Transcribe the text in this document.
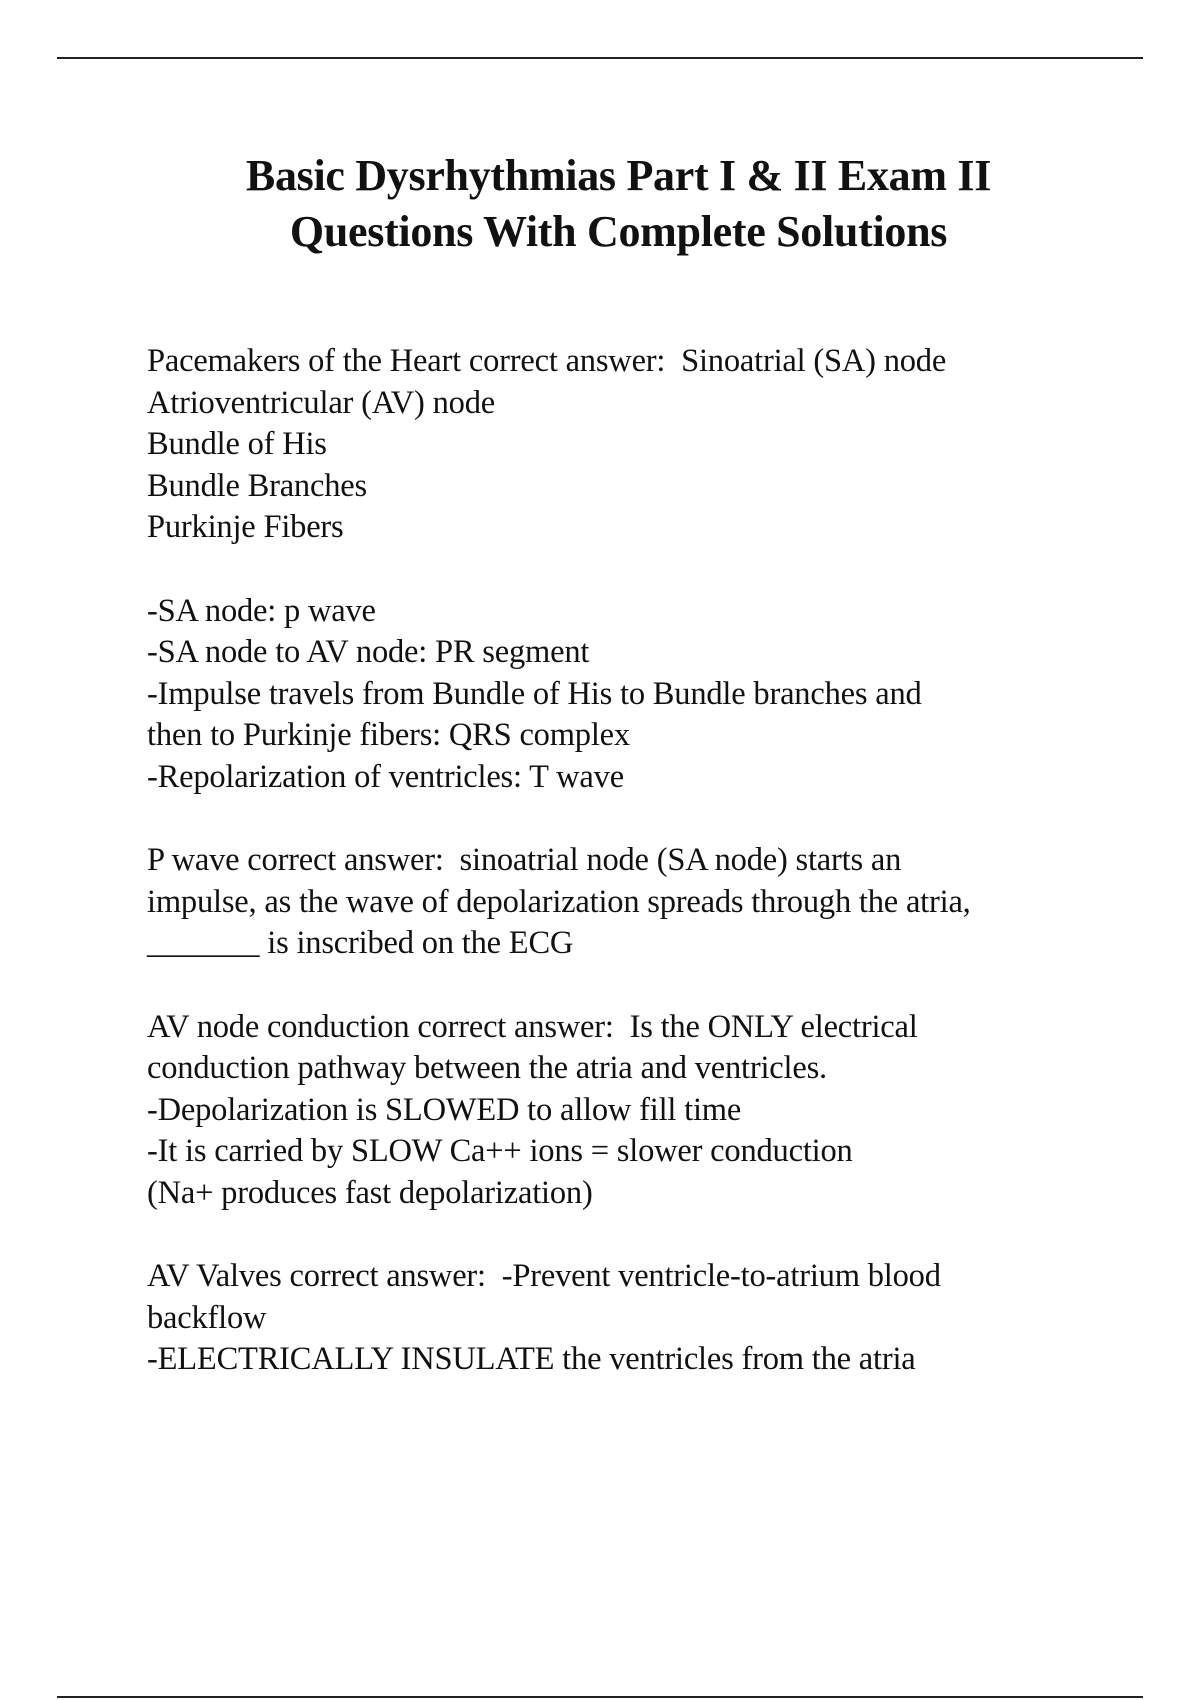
Basic Dysrhythmias Part I & II Exam II
Questions With Complete Solutions
Pacemakers of the Heart correct answer:  Sinoatrial (SA) node
Atrioventricular (AV) node
Bundle of His
Bundle Branches
Purkinje Fibers

-SA node: p wave
-SA node to AV node: PR segment
-Impulse travels from Bundle of His to Bundle branches and
then to Purkinje fibers: QRS complex
-Repolarization of ventricles: T wave
P wave correct answer:  sinoatrial node (SA node) starts an
impulse, as the wave of depolarization spreads through the atria,
_______ is inscribed on the ECG
AV node conduction correct answer:  Is the ONLY electrical
conduction pathway between the atria and ventricles.
-Depolarization is SLOWED to allow fill time
-It is carried by SLOW Ca++ ions = slower conduction
(Na+ produces fast depolarization)
AV Valves correct answer:  -Prevent ventricle-to-atrium blood
backflow
-ELECTRICALLY INSULATE the ventricles from the atria
